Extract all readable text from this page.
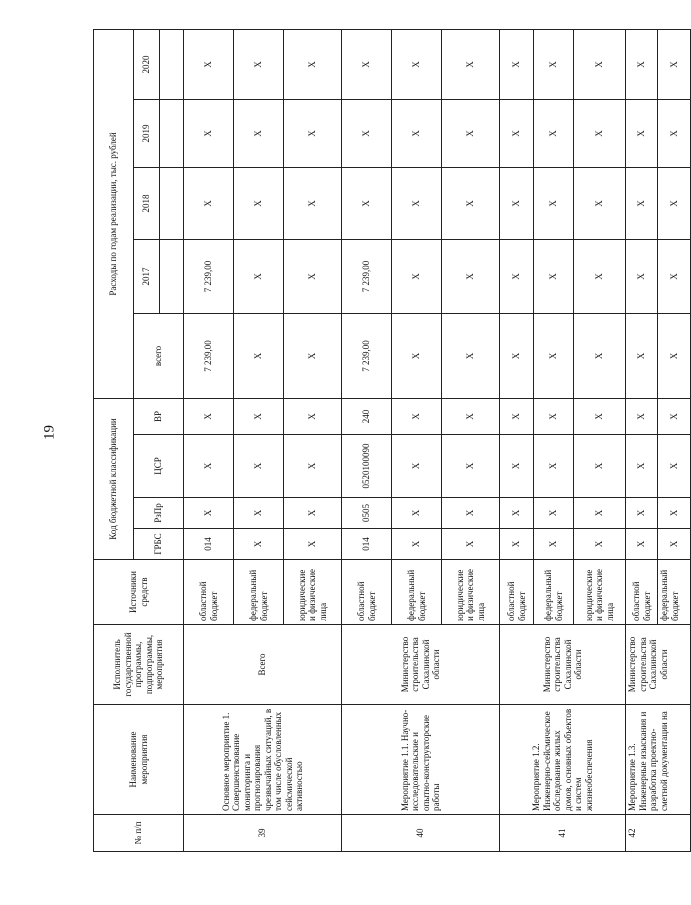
19
№ п/п	Наименование мероприятия	Исполнитель государственной программы, подпрограммы, мероприятия	Источники средств	Код бюджетной классификации				Расходы по годам реализации, тыс. рублей				
				ГРБС	РзПр	ЦСР	ВР	всего	2017	2018	2019	2020

39	Основное мероприятие 1. Совершенствование мониторинга и прогнозирования чрезвычайных ситуаций, в том числе обусловленных сейсмической активностью	Всего	областной бюджет	014	Х	Х	Х	7 239,00	7 239,00	Х	Х	Х
			федеральный бюджет	Х	Х	Х	Х	Х	Х	Х	Х	Х
			юридические и физические лица	Х	Х	Х	Х	Х	Х	Х	Х	Х
40	Мероприятие 1.1. Научно-исследовательские и опытно-конструкторские работы	Министерство строительства Сахалинской области	областной бюджет	014	0505	0520100090	240	7 239,00	7 239,00	Х	Х	Х
			федеральный бюджет	Х	Х	Х	Х	Х	Х	Х	Х	Х
			юридические и физические лица	Х	Х	Х	Х	Х	Х	Х	Х	Х
41	Мероприятие 1.2. Инженерно-сейсмическое обследование жилых домов, основных объектов и систем жизнеобеспечения	Министерство строительства Сахалинской области	областной бюджет	Х	Х	Х	Х	Х	Х	Х	Х	Х
			федеральный бюджет	Х	Х	Х	Х	Х	Х	Х	Х	Х
			юридические и физические лица	Х	Х	Х	Х	Х	Х	Х	Х	Х
42	Мероприятие 1.3. Инженерные изыскания и разработка проектно-сметной документации на	Министерство строительства Сахалинской области	областной бюджет	Х	Х	Х	Х	Х	Х	Х	Х	Х
			федеральный бюджет	Х	Х	Х	Х	Х	Х	Х	Х	Х
